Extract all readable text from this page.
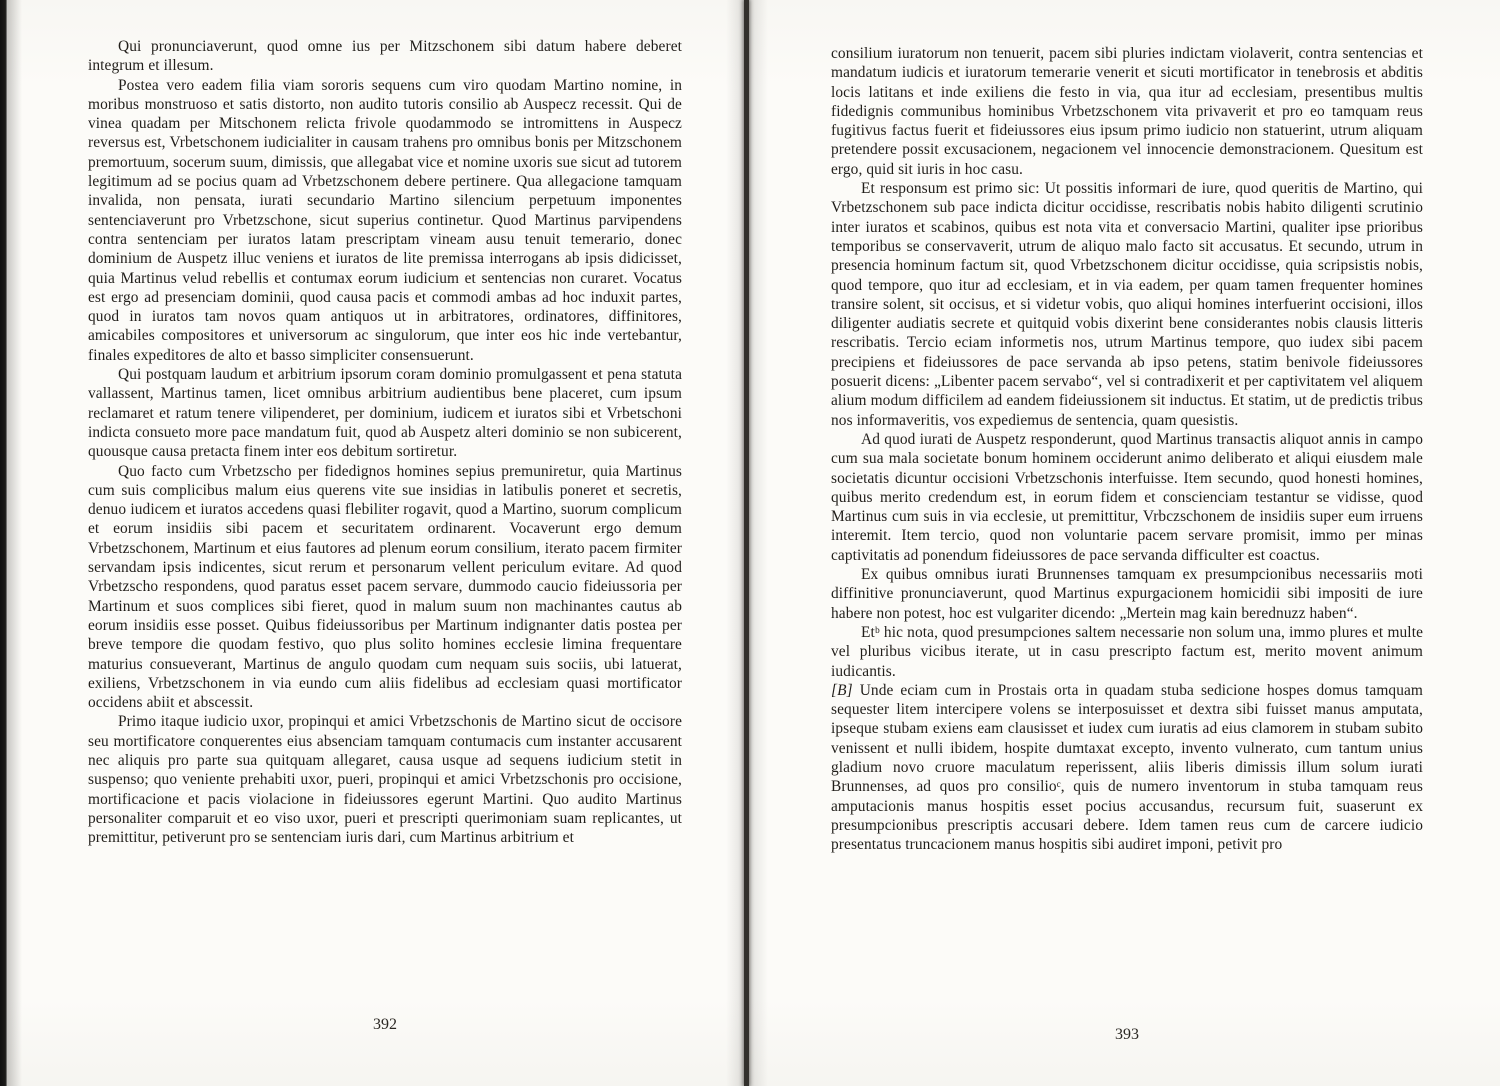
Qui pronunciaverunt, quod omne ius per Mitzschonem sibi datum habere deberet integrum et illesum.

Postea vero eadem filia viam sororis sequens cum viro quodam Martino nomine, in moribus monstruoso et satis distorto, non audito tutoris consilio ab Auspecz recessit. Qui de vinea quadam per Mitschonem relicta frivole quodammodo se intromittens in Auspecz reversus est, Vrbetschonem iudicialiter in causam trahens pro omnibus bonis per Mitzschonem premortuum, socerum suum, dimissis, que allegabat vice et nomine uxoris sue sicut ad tutorem legitimum ad se pocius quam ad Vrbetzschonem debere pertinere. Qua allegacione tamquam invalida, non pensata, iurati secundario Martino silencium perpetuum imponentes sentenciaverunt pro Vrbetzschone, sicut superius continetur. Quod Martinus parvipendens contra sentenciam per iuratos latam prescriptam vineam ausu tenuit temerario, donec dominium de Auspetz illuc veniens et iuratos de lite premissa interrogans ab ipsis didicisset, quia Martinus velud rebellis et contumax eorum iudicium et sentencias non curaret. Vocatus est ergo ad presenciam dominii, quod causa pacis et commodi ambas ad hoc induxit partes, quod in iuratos tam novos quam antiquos ut in arbitratores, ordinatores, diffinitores, amicabiles compositores et universorum ac singulorum, que inter eos hic inde vertebantur, finales expeditores de alto et basso simpliciter consensuerunt.

Qui postquam laudum et arbitrium ipsorum coram dominio promulgassent et pena statuta vallassent, Martinus tamen, licet omnibus arbitrium audientibus bene placeret, cum ipsum reclamaret et ratum tenere vilipenderet, per dominium, iudicem et iuratos sibi et Vrbetschoni indicta consueto more pace mandatum fuit, quod ab Auspetz alteri dominio se non subicerent, quousque causa pretacta finem inter eos debitum sortiretur.

Quo facto cum Vrbetzscho per fidedignos homines sepius premuniretur, quia Martinus cum suis complicibus malum eius querens vite sue insidias in latibulis poneret et secretis, denuo iudicem et iuratos accedens quasi flebiliter rogavit, quod a Martino, suorum complicum et eorum insidiis sibi pacem et securitatem ordinarent. Vocaverunt ergo demum Vrbetzschonem, Martinum et eius fautores ad plenum eorum consilium, iterato pacem firmiter servandam ipsis indicentes, sicut rerum et personarum vellent periculum evitare. Ad quod Vrbetzscho respondens, quod paratus esset pacem servare, dummodo caucio fideiussoria per Martinum et suos complices sibi fieret, quod in malum suum non machinantes cautus ab eorum insidiis esse posset. Quibus fideiussoribus per Martinum indignanter datis postea per breve tempore die quodam festivo, quo plus solito homines ecclesie limina frequentare maturius consueverant, Martinus de angulo quodam cum nequam suis sociis, ubi latuerat, exiliens, Vrbetzschonem in via eundo cum aliis fidelibus ad ecclesiam quasi mortificator occidens abiit et abscessit.

Primo itaque iudicio uxor, propinqui et amici Vrbetzschonis de Martino sicut de occisore seu mortificatore conquerentes eius absenciam tamquam contumacis cum instanter accusarent nec aliquis pro parte sua quitquam allegaret, causa usque ad sequens iudicium stetit in suspenso; quo veniente prehabiti uxor, pueri, propinqui et amici Vrbetzschonis pro occisione, mortificacione et pacis violacione in fideiussores egerunt Martini. Quo audito Martinus personaliter comparuit et eo viso uxor, pueri et prescripti querimoniam suam replicantes, ut premittitur, petiverunt pro se sentenciam iuris dari, cum Martinus arbitrium et

392

consilium iuratorum non tenuerit, pacem sibi pluries indictam violaverit, contra sentencias et mandatum iudicis et iuratorum temerarie venerit et sicuti mortificator in tenebrosis et abditis locis latitans et inde exiliens die festo in via, qua itur ad ecclesiam, presentibus multis fidedignis communibus hominibus Vrbetzschonem vita privaverit et pro eo tamquam reus fugitivus factus fuerit et fideiussores eius ipsum primo iudicio non statuerint, utrum aliquam pretendere possit excusacionem, negacionem vel innocencie demonstracionem. Quesitum est ergo, quid sit iuris in hoc casu.

Et responsum est primo sic: Ut possitis informari de iure, quod queritis de Martino, qui Vrbetzschonem sub pace indicta dicitur occidisse, rescribatis nobis habito diligenti scrutinio inter iuratos et scabinos, quibus est nota vita et conversacio Martini, qualiter ipse prioribus temporibus se conservaverit, utrum de aliquo malo facto sit accusatus. Et secundo, utrum in presencia hominum factum sit, quod Vrbetzschonem dicitur occidisse, quia scripsistis nobis, quod tempore, quo itur ad ecclesiam, et in via eadem, per quam tamen frequenter homines transire solent, sit occisus, et si videtur vobis, quo aliqui homines interfuerint occisioni, illos diligenter audiatis secrete et quitquid vobis dixerint bene considerantes nobis clausis litteris rescribatis. Tercio eciam informetis nos, utrum Martinus tempore, quo iudex sibi pacem precipiens et fideiussores de pace servanda ab ipso petens, statim benivole fideiussores posuerit dicens: „Libenter pacem servabo“, vel si contradixerit et per captivitatem vel aliquem alium modum difficilem ad eandem fideiussionem sit inductus. Et statim, ut de predictis tribus nos informaveritis, vos expediemus de sentencia, quam quesistis.

Ad quod iurati de Auspetz responderunt, quod Martinus transactis aliquot annis in campo cum sua mala societate bonum hominem occiderunt animo deliberato et aliqui eiusdem male societatis dicuntur occisioni Vrbetzschonis interfuisse. Item secundo, quod honesti homines, quibus merito credendum est, in eorum fidem et conscienciam testantur se vidisse, quod Martinus cum suis in via ecclesie, ut premittitur, Vrbczschonem de insidiis super eum irruens interemit. Item tercio, quod non voluntarie pacem servare promisit, immo per minas captivitatis ad ponendum fideiussores de pace servanda difficulter est coactus.

Ex quibus omnibus iurati Brunnenses tamquam ex presumpcionibus necessariis moti diffinitive pronunciaverunt, quod Martinus expurgacionem homicidii sibi impositi de iure habere non potest, hoc est vulgariter dicendo: „Mertein mag kain berednuzz haben“.

Etᵇ hic nota, quod presumpciones saltem necessarie non solum una, immo plures et multe vel pluribus vicibus iterate, ut in casu prescripto factum est, merito movent animum iudicantis.

[B] Unde eciam cum in Prostais orta in quadam stuba sedicione hospes domus tamquam sequester litem intercipere volens se interposuisset et dextra sibi fuisset manus amputata, ipseque stubam exiens eam clausisset et iudex cum iuratis ad eius clamorem in stubam subito venissent et nulli ibidem, hospite dumtaxat excepto, invento vulnerato, cum tantum unius gladium novo cruore maculatum reperissent, aliis liberis dimissis illum solum iurati Brunnenses, ad quos pro consilioᶜ, quis de numero inventorum in stuba tamquam reus amputacionis manus hospitis esset pocius accusandus, recursum fuit, suaserunt ex presumpcionibus prescriptis accusari debere. Idem tamen reus cum de carcere iudicio presentatus truncacionem manus hospitis sibi audiret imponi, petivit pro

393
